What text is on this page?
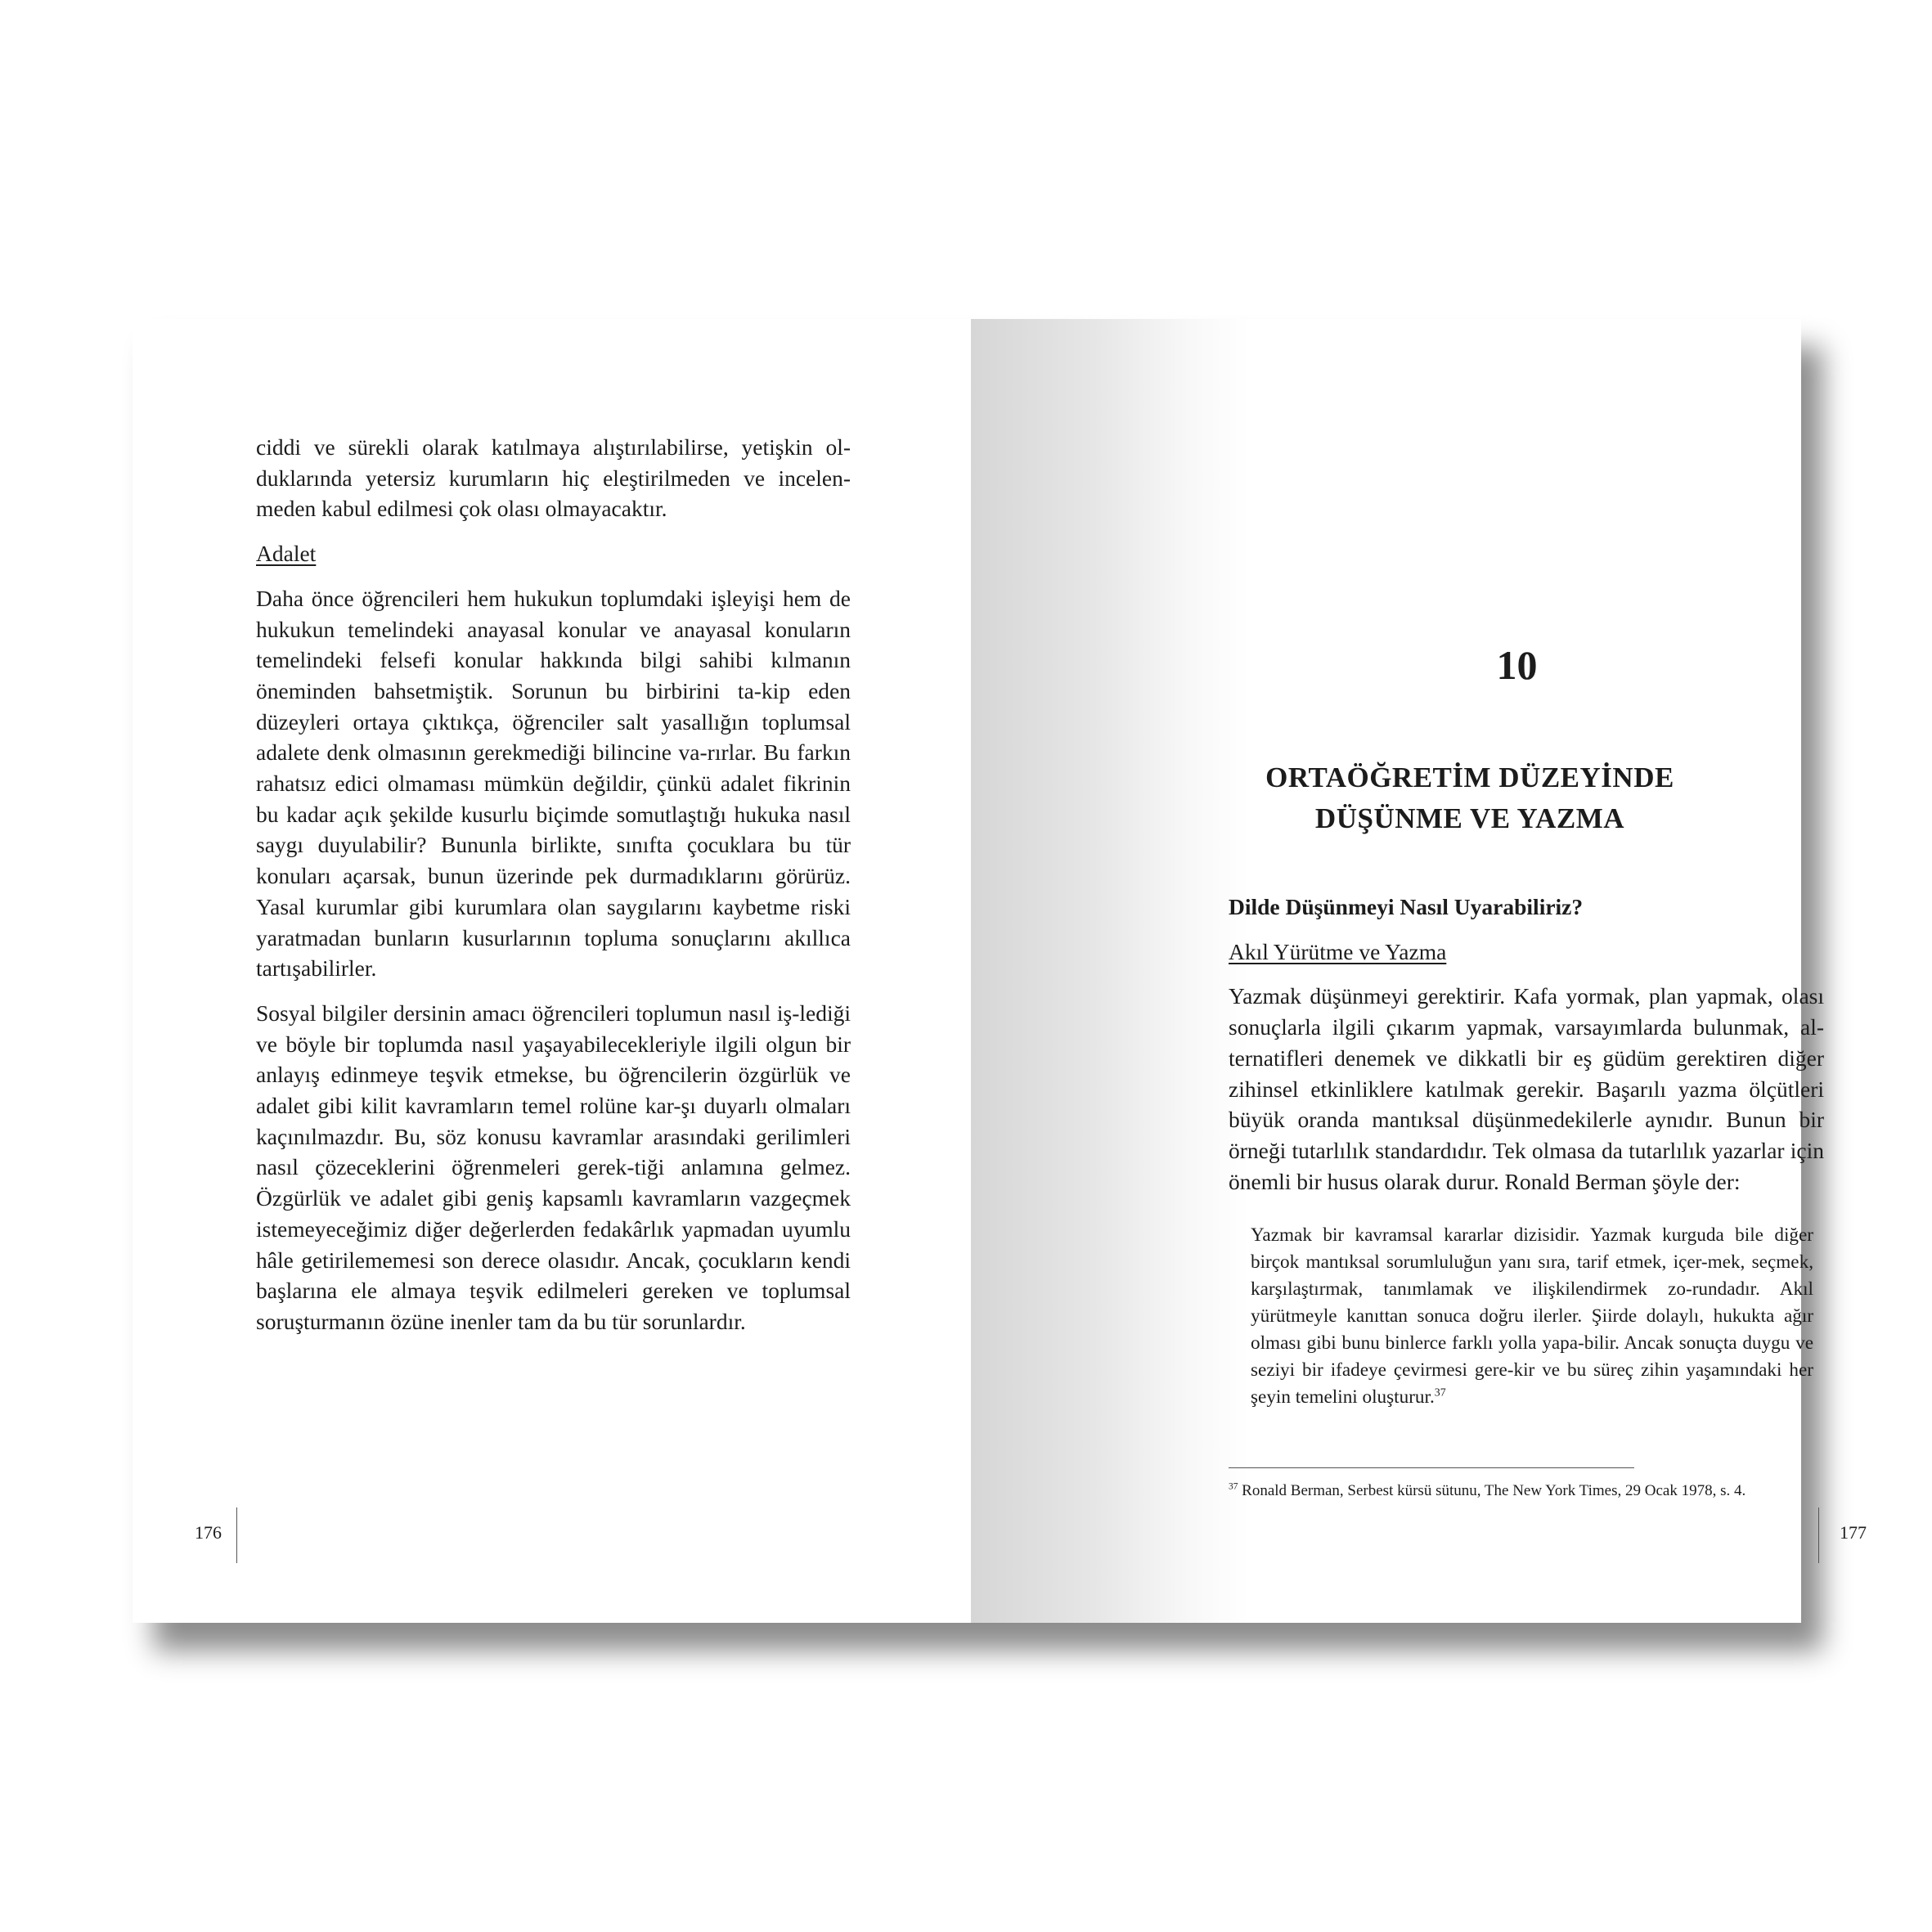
ciddi ve sürekli olarak katılmaya alıştırılabilirse, yetişkin ol-duklarında yetersiz kurumların hiç eleştirilmeden ve incelen-meden kabul edilmesi çok olası olmayacaktır.

Adalet

Daha önce öğrencileri hem hukukun toplumdaki işleyişi hem de hukukun temelindeki anayasal konular ve anayasal konuların temelindeki felsefi konular hakkında bilgi sahibi kılmanın öneminden bahsetmiştik. Sorunun bu birbirini ta-kip eden düzeyleri ortaya çıktıkça, öğrenciler salt yasallığın toplumsal adalete denk olmasının gerekmediği bilincine va-rırlar. Bu farkın rahatsız edici olmaması mümkün değildir, çünkü adalet fikrinin bu kadar açık şekilde kusurlu biçimde somutlaştığı hukuka nasıl saygı duyulabilir? Bununla birlikte, sınıfta çocuklara bu tür konuları açarsak, bunun üzerinde pek durmadıklarını görürüz. Yasal kurumlar gibi kurumlara olan saygılarını kaybetme riski yaratmadan bunların kusurlarının topluma sonuçlarını akıllıca tartışabilirler.

Sosyal bilgiler dersinin amacı öğrencileri toplumun nasıl iş-lediği ve böyle bir toplumda nasıl yaşayabilecekleriyle ilgili olgun bir anlayış edinmeye teşvik etmekse, bu öğrencilerin özgürlük ve adalet gibi kilit kavramların temel rolüne kar-şı duyarlı olmaları kaçınılmazdır. Bu, söz konusu kavramlar arasındaki gerilimleri nasıl çözeceklerini öğrenmeleri gerek-tiği anlamına gelmez. Özgürlük ve adalet gibi geniş kapsamlı kavramların vazgeçmek istemeyeceğimiz diğer değerlerden fedakârlık yapmadan uyumlu hâle getirilememesi son derece olasıdır. Ancak, çocukların kendi başlarına ele almaya teşvik edilmeleri gereken ve toplumsal soruşturmanın özüne inenler tam da bu tür sorunlardır.

176
10
ORTAÖĞRETİM DÜZEYİNDE
DÜŞÜNME VE YAZMA

Dilde Düşünmeyi Nasıl Uyarabiliriz?

Akıl Yürütme ve Yazma

Yazmak düşünmeyi gerektirir. Kafa yormak, plan yapmak, olası sonuçlarla ilgili çıkarım yapmak, varsayımlarda bulunmak, al-ternatifleri denemek ve dikkatli bir eş güdüm gerektiren diğer zihinsel etkinliklere katılmak gerekir. Başarılı yazma ölçütleri büyük oranda mantıksal düşünmedekilerle aynıdır. Bunun bir örneği tutarlılık standardıdır. Tek olmasa da tutarlılık yazarlar için önemli bir husus olarak durur. Ronald Berman şöyle der:

Yazmak bir kavramsal kararlar dizisidir. Yazmak kurguda bile diğer birçok mantıksal sorumluluğun yanı sıra, tarif etmek, içer-mek, seçmek, karşılaştırmak, tanımlamak ve ilişkilendirmek zo-rundadır. Akıl yürütmeyle kanıttan sonuca doğru ilerler. Şiirde dolaylı, hukukta ağır olması gibi bunu binlerce farklı yolla yapa-bilir. Ancak sonuçta duygu ve seziyi bir ifadeye çevirmesi gere-kir ve bu süreç zihin yaşamındaki her şeyin temelini oluşturur.$^{37}$

$^{37}$ Ronald Berman, Serbest kürsü sütunu, The New York Times, 29 Ocak 1978, s. 4.

177
